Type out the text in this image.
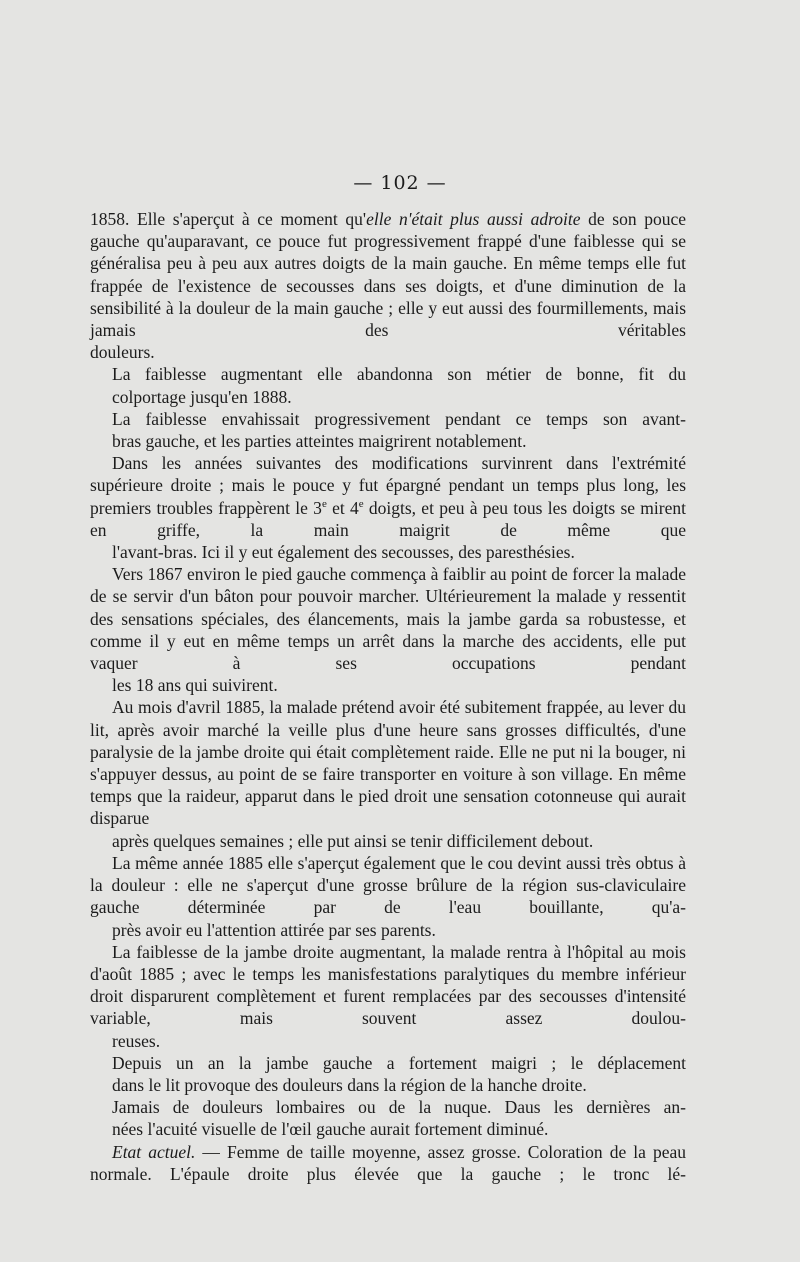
— 102 —

1858. Elle s'aperçut à ce moment qu'elle n'était plus aussi adroite de son pouce gauche qu'auparavant, ce pouce fut progressivement frappé d'une faiblesse qui se généralisa peu à peu aux autres doigts de la main gauche. En même temps elle fut frappée de l'existence de secousses dans ses doigts, et d'une diminution de la sensibilité à la douleur de la main gauche ; elle y eut aussi des fourmillements, mais jamais des véritables
douleurs.

La faiblesse augmentant elle abandonna son métier de bonne, fit du
colportage jusqu'en 1888.

La faiblesse envahissait progressivement pendant ce temps son avant-
bras gauche, et les parties atteintes maigrirent notablement.

Dans les années suivantes des modifications survinrent dans l'extrémité supérieure droite ; mais le pouce y fut épargné pendant un temps plus long, les premiers troubles frappèrent le 3e et 4e doigts, et peu à peu tous les doigts se mirent en griffe, la main maigrit de même que
l'avant-bras. Ici il y eut également des secousses, des paresthésies.

Vers 1867 environ le pied gauche commença à faiblir au point de forcer la malade de se servir d'un bâton pour pouvoir marcher. Ultérieurement la malade y ressentit des sensations spéciales, des élancements, mais la jambe garda sa robustesse, et comme il y eut en même temps un arrêt dans la marche des accidents, elle put vaquer à ses occupations pendant
les 18 ans qui suivirent.

Au mois d'avril 1885, la malade prétend avoir été subitement frappée, au lever du lit, après avoir marché la veille plus d'une heure sans grosses difficultés, d'une paralysie de la jambe droite qui était complètement raide. Elle ne put ni la bouger, ni s'appuyer dessus, au point de se faire transporter en voiture à son village. En même temps que la raideur, apparut dans le pied droit une sensation cotonneuse qui aurait disparue
après quelques semaines ; elle put ainsi se tenir difficilement debout.

La même année 1885 elle s'aperçut également que le cou devint aussi très obtus à la douleur : elle ne s'aperçut d'une grosse brûlure de la région sus-claviculaire gauche déterminée par de l'eau bouillante, qu'a-
près avoir eu l'attention attirée par ses parents.

La faiblesse de la jambe droite augmentant, la malade rentra à l'hôpital au mois d'août 1885 ; avec le temps les manisfestations paralytiques du membre inférieur droit disparurent complètement et furent remplacées par des secousses d'intensité variable, mais souvent assez doulou-
reuses.

Depuis un an la jambe gauche a fortement maigri ; le déplacement
dans le lit provoque des douleurs dans la région de la hanche droite.

Jamais de douleurs lombaires ou de la nuque. Daus les dernières an-
nées l'acuité visuelle de l'œil gauche aurait fortement diminué.

Etat actuel. — Femme de taille moyenne, assez grosse. Coloration de la peau normale. L'épaule droite plus élevée que la gauche ; le tronc lé-
